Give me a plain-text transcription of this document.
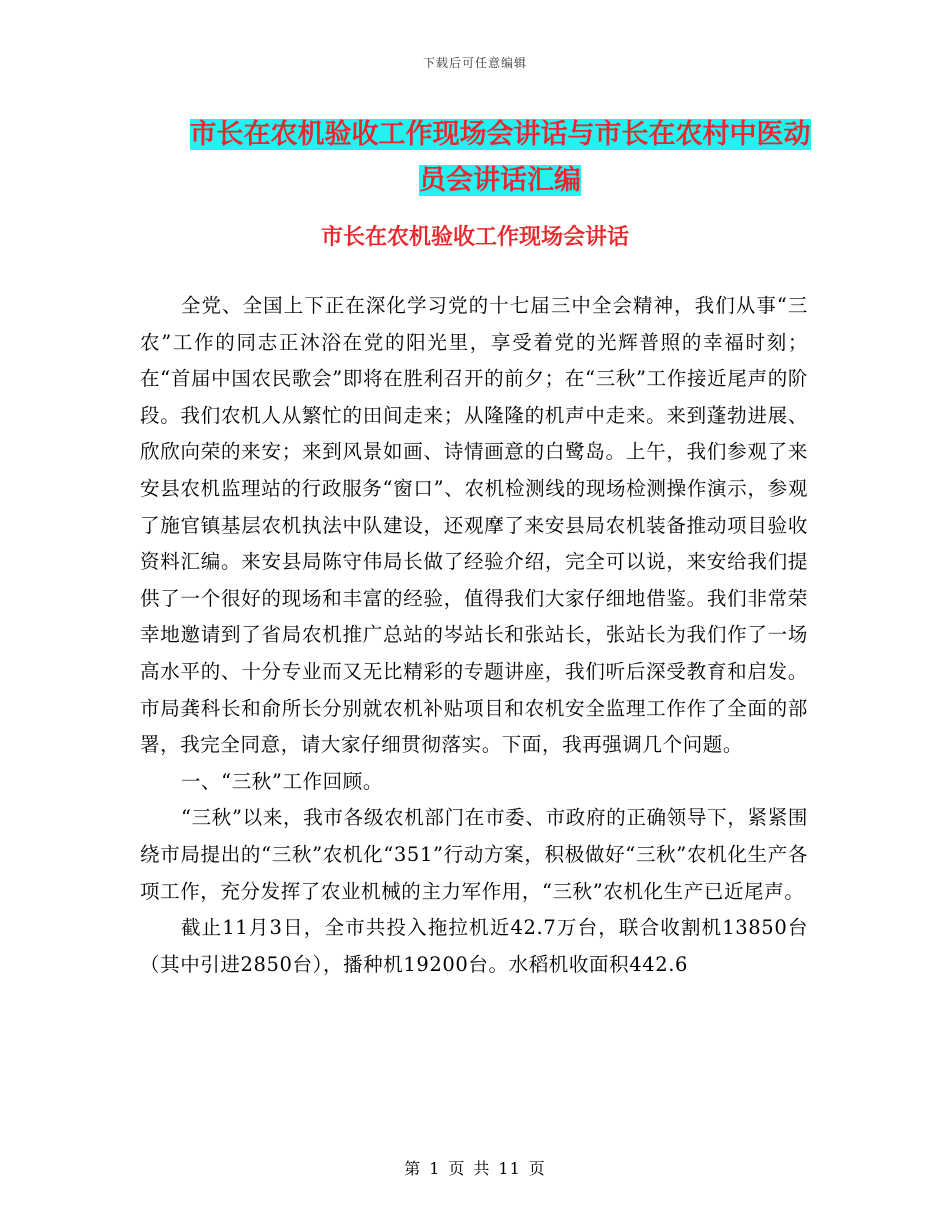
下载后可任意编辑
市长在农机验收工作现场会讲话与市长在农村中医动
员会讲话汇编
市长在农机验收工作现场会讲话

全党、全国上下正在深化学习党的十七届三中全会精神，我们从事“三农”工作的同志正沐浴在党的阳光里，享受着党的光辉普照的幸福时刻；在“首届中国农民歌会”即将在胜利召开的前夕；在“三秋”工作接近尾声的阶段。我们农机人从繁忙的田间走来；从隆隆的机声中走来。来到蓬勃进展、欣欣向荣的来安；来到风景如画、诗情画意的白鹭岛。上午，我们参观了来安县农机监理站的行政服务“窗口”、农机检测线的现场检测操作演示，参观了施官镇基层农机执法中队建设，还观摩了来安县局农机装备推动项目验收资料汇编。来安县局陈守伟局长做了经验介绍，完全可以说，来安给我们提供了一个很好的现场和丰富的经验，值得我们大家仔细地借鉴。我们非常荣幸地邀请到了省局农机推广总站的岑站长和张站长，张站长为我们作了一场高水平的、十分专业而又无比精彩的专题讲座，我们听后深受教育和启发。市局龚科长和俞所长分别就农机补贴项目和农机安全监理工作作了全面的部署，我完全同意，请大家仔细贯彻落实。下面，我再强调几个问题。

一、“三秋”工作回顾。

“三秋”以来，我市各级农机部门在市委、市政府的正确领导下，紧紧围绕市局提出的“三秋”农机化“351”行动方案，积极做好“三秋”农机化生产各项工作，充分发挥了农业机械的主力军作用，“三秋”农机化生产已近尾声。

截止11月3日，全市共投入拖拉机近42.7万台，联合收割机13850台（其中引进2850台），播种机19200台。水稻机收面积442.6

第 1 页 共 11 页
